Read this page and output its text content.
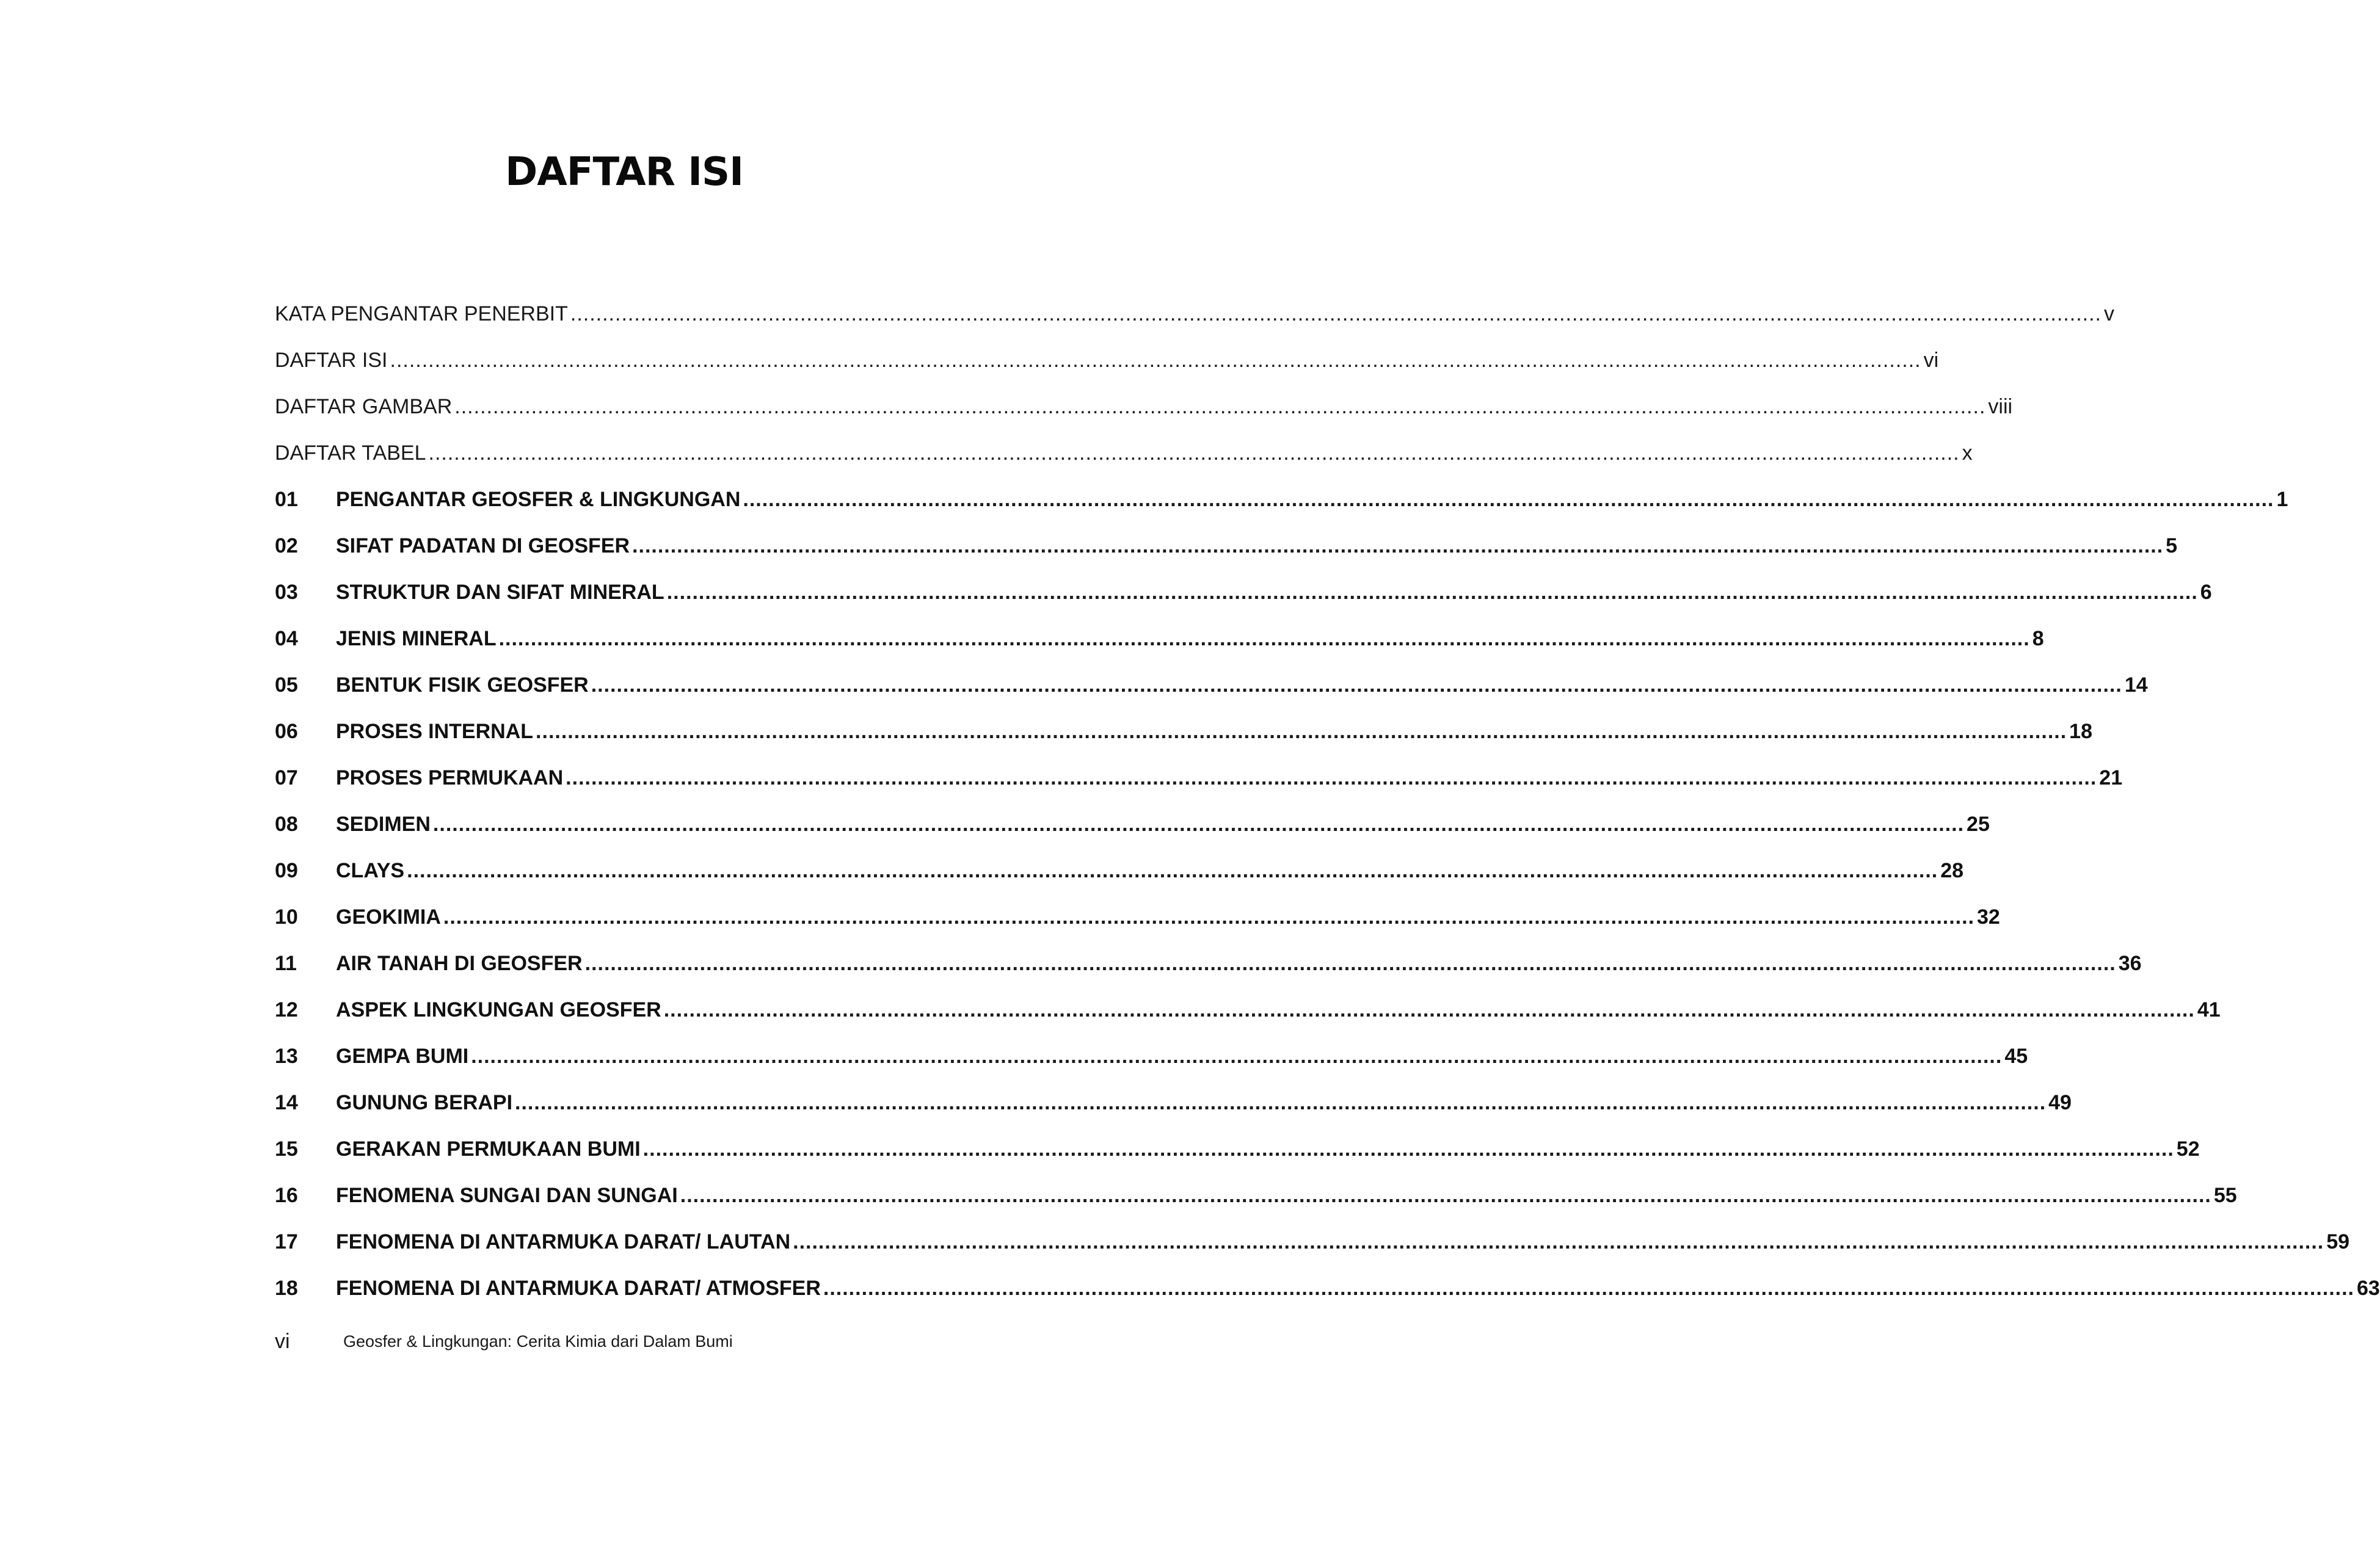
DAFTAR ISI
KATA PENGANTAR PENERBIT ................................................................................................................................................................................................................................................ v
DAFTAR ISI ................................................................................................................................................................................................................................................ vi
DAFTAR GAMBAR ................................................................................................................................................................................................................................................ viii
DAFTAR TABEL ................................................................................................................................................................................................................................................ x
01	PENGANTAR GEOSFER & LINGKUNGAN ................................................................................................................................................................................................................................................ 1
02	SIFAT PADATAN DI GEOSFER ................................................................................................................................................................................................................................................ 5
03	STRUKTUR DAN SIFAT MINERAL ................................................................................................................................................................................................................................................ 6
04	JENIS MINERAL ................................................................................................................................................................................................................................................ 8
05	BENTUK FISIK GEOSFER ................................................................................................................................................................................................................................................ 14
06	PROSES INTERNAL ................................................................................................................................................................................................................................................ 18
07	PROSES PERMUKAAN ................................................................................................................................................................................................................................................ 21
08	SEDIMEN ................................................................................................................................................................................................................................................ 25
09	CLAYS ................................................................................................................................................................................................................................................ 28
10	GEOKIMIA ................................................................................................................................................................................................................................................ 32
11	AIR TANAH DI GEOSFER ................................................................................................................................................................................................................................................ 36
12	ASPEK LINGKUNGAN GEOSFER ................................................................................................................................................................................................................................................ 41
13	GEMPA BUMI ................................................................................................................................................................................................................................................ 45
14	GUNUNG BERAPI ................................................................................................................................................................................................................................................ 49
15	GERAKAN PERMUKAAN BUMI ................................................................................................................................................................................................................................................ 52
16	FENOMENA SUNGAI DAN SUNGAI ................................................................................................................................................................................................................................................ 55
17	FENOMENA DI ANTARMUKA DARAT/ LAUTAN ................................................................................................................................................................................................................................................ 59
18	FENOMENA DI ANTARMUKA DARAT/ ATMOSFER ................................................................................................................................................................................................................................................ 63
vi	Geosfer & Lingkungan: Cerita Kimia dari Dalam Bumi
